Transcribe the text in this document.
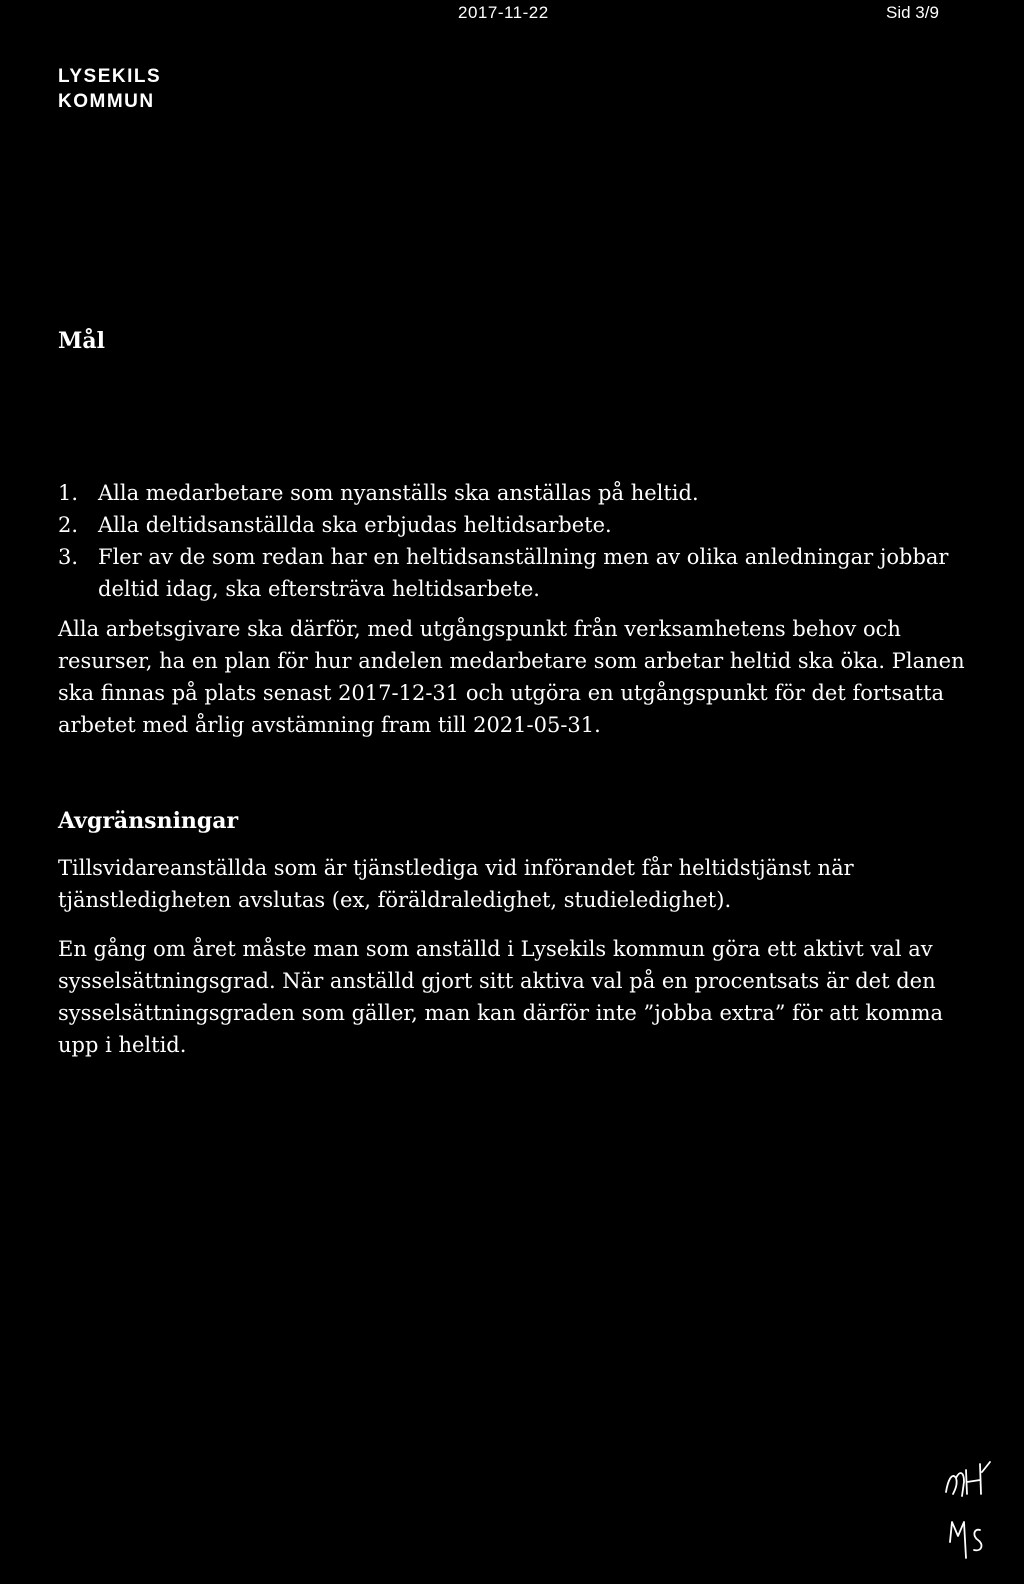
2017-11-22	Sid 3/9
LYSEKILS
KOMMUN
Mål
1. Alla medarbetare som nyanställs ska anställas på heltid.
2. Alla deltidsanställda ska erbjudas heltidsarbete.
3. Fler av de som redan har en heltidsanställning men av olika anledningar jobbar deltid idag, ska eftersträva heltidsarbete.

Alla arbetsgivare ska därför, med utgångspunkt från verksamhetens behov och resurser, ha en plan för hur andelen medarbetare som arbetar heltid ska öka. Planen ska finnas på plats senast 2017-12-31 och utgöra en utgångspunkt för det fortsatta arbetet med årlig avstämning fram till 2021-05-31.

Avgränsningar

Tillsvidareanställda som är tjänstlediga vid införandet får heltidstjänst när tjänstledigheten avslutas (ex, föräldraledighet, studieledighet).

En gång om året måste man som anställd i Lysekils kommun göra ett aktivt val av sysselsättningsgrad. När anställd gjort sitt aktiva val på en procentsats är det den sysselsättningsgraden som gäller, man kan därför inte ”jobba extra” för att komma upp i heltid.
